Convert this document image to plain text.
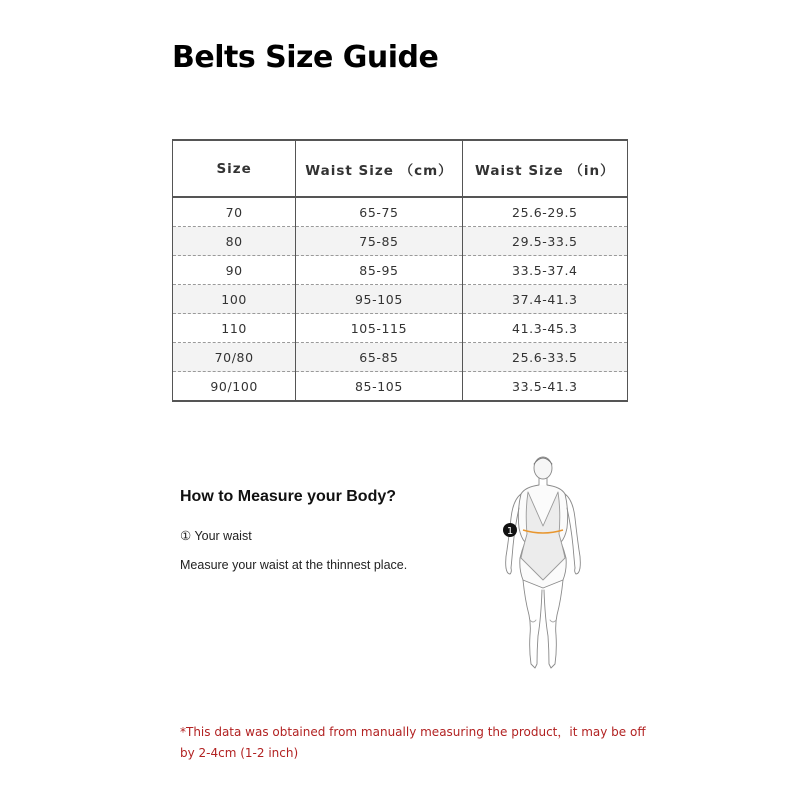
Belts Size Guide
Size	Waist Size （cm）	Waist Size （in）
70	65-75	25.6-29.5
80	75-85	29.5-33.5
90	85-95	33.5-37.4
100	95-105	37.4-41.3
110	105-115	41.3-45.3
70/80	65-85	25.6-33.5
90/100	85-105	33.5-41.3
How to Measure your Body?
① Your waist
Measure your waist at the thinnest place.
1

*This data was obtained from manually measuring the product，it may be off by 2-4cm (1-2 inch)
